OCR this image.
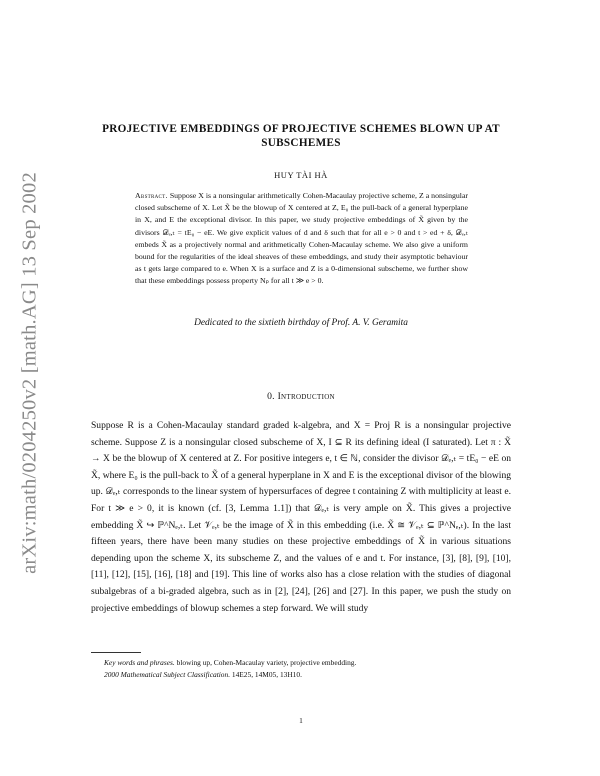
arXiv:math/0204250v2 [math.AG] 13 Sep 2002
PROJECTIVE EMBEDDINGS OF PROJECTIVE SCHEMES BLOWN UP AT SUBSCHEMES
HUY TÀI HÀ
Abstract. Suppose X is a nonsingular arithmetically Cohen-Macaulay projective scheme, Z a nonsingular closed subscheme of X. Let X̃ be the blowup of X centered at Z, E₀ the pull-back of a general hyperplane in X, and E the exceptional divisor. In this paper, we study projective embeddings of X̃ given by the divisors 𝒟ₑ,ₜ = tE₀ − eE. We give explicit values of d and δ such that for all e > 0 and t > ed + δ, 𝒟ₑ,ₜ embeds X̃ as a projectively normal and arithmetically Cohen-Macaulay scheme. We also give a uniform bound for the regularities of the ideal sheaves of these embeddings, and study their asymptotic behaviour as t gets large compared to e. When X is a surface and Z is a 0-dimensional subscheme, we further show that these embeddings possess property Nₚ for all t ≫ e > 0.
Dedicated to the sixtieth birthday of Prof. A. V. Geramita
0. Introduction
Suppose R is a Cohen-Macaulay standard graded k-algebra, and X = Proj R is a nonsingular projective scheme. Suppose Z is a nonsingular closed subscheme of X, I ⊆ R its defining ideal (I saturated). Let π : X̃ → X be the blowup of X centered at Z. For positive integers e, t ∈ ℕ, consider the divisor 𝒟ₑ,ₜ = tE₀ − eE on X̃, where E₀ is the pull-back to X̃ of a general hyperplane in X and E is the exceptional divisor of the blowing up. 𝒟ₑ,ₜ corresponds to the linear system of hypersurfaces of degree t containing Z with multiplicity at least e. For t ≫ e > 0, it is known (cf. [3, Lemma 1.1]) that 𝒟ₑ,ₜ is very ample on X̃. This gives a projective embedding X̃ ↪ ℙ^Nₑ,ₜ. Let 𝒱ₑ,ₜ be the image of X̃ in this embedding (i.e. X̃ ≅ 𝒱ₑ,ₜ ⊆ ℙ^Nₑ,ₜ). In the last fifteen years, there have been many studies on these projective embeddings of X̃ in various situations depending upon the scheme X, its subscheme Z, and the values of e and t. For instance, [3], [8], [9], [10], [11], [12], [15], [16], [18] and [19]. This line of works also has a close relation with the studies of diagonal subalgebras of a bi-graded algebra, such as in [2], [24], [26] and [27]. In this paper, we push the study on projective embeddings of blowup schemes a step forward. We will study
Key words and phrases. blowing up, Cohen-Macaulay variety, projective embedding.
2000 Mathematical Subject Classification. 14E25, 14M05, 13H10.
1
